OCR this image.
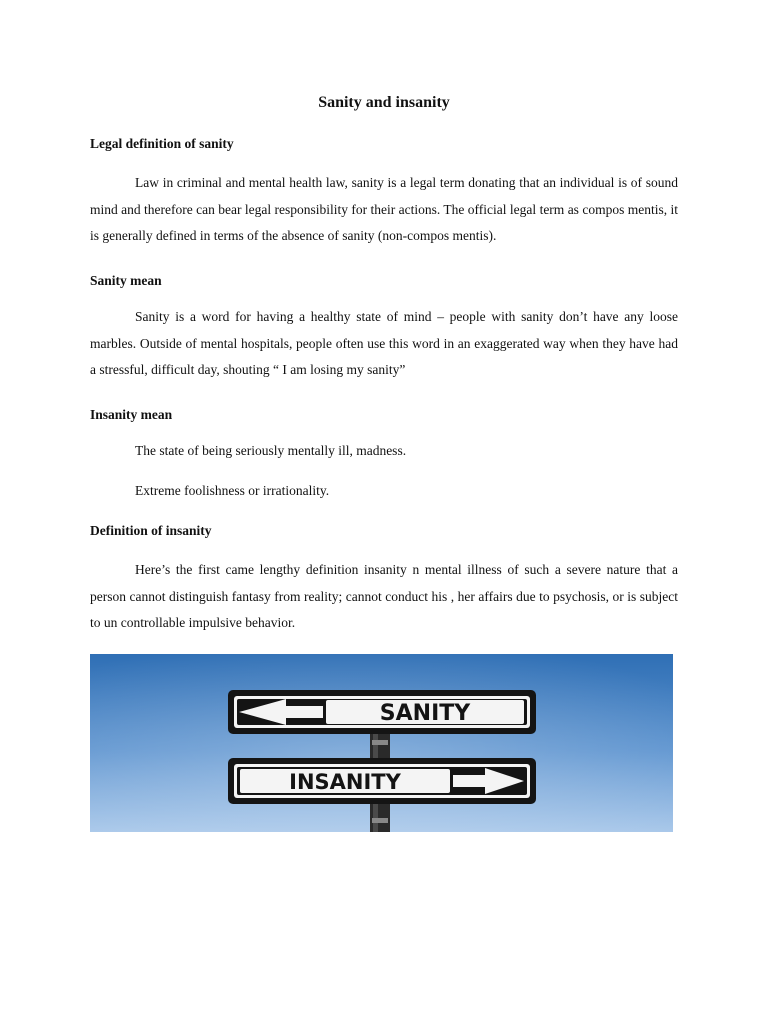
Sanity and insanity
Legal definition of sanity

Law in criminal and mental health law, sanity is a legal term donating that an individual is of sound mind and therefore can bear legal responsibility for their actions. The official legal term as compos mentis, it is generally defined in terms of the absence of sanity (non-compos mentis).

Sanity mean

Sanity is a word for having a healthy state of mind – people with sanity don’t have any loose marbles. Outside of mental hospitals, people often use this word in an exaggerated way when they have had a stressful, difficult day, shouting “ I am losing my sanity”

Insanity mean

The state of being seriously mentally ill, madness.

Extreme foolishness or irrationality.

Definition of insanity

Here’s the first came lengthy definition insanity n mental illness of such a severe nature that a person cannot distinguish fantasy from reality; cannot conduct his , her affairs due to psychosis, or is subject to un controllable impulsive behavior.

SANITY
INSANITY
